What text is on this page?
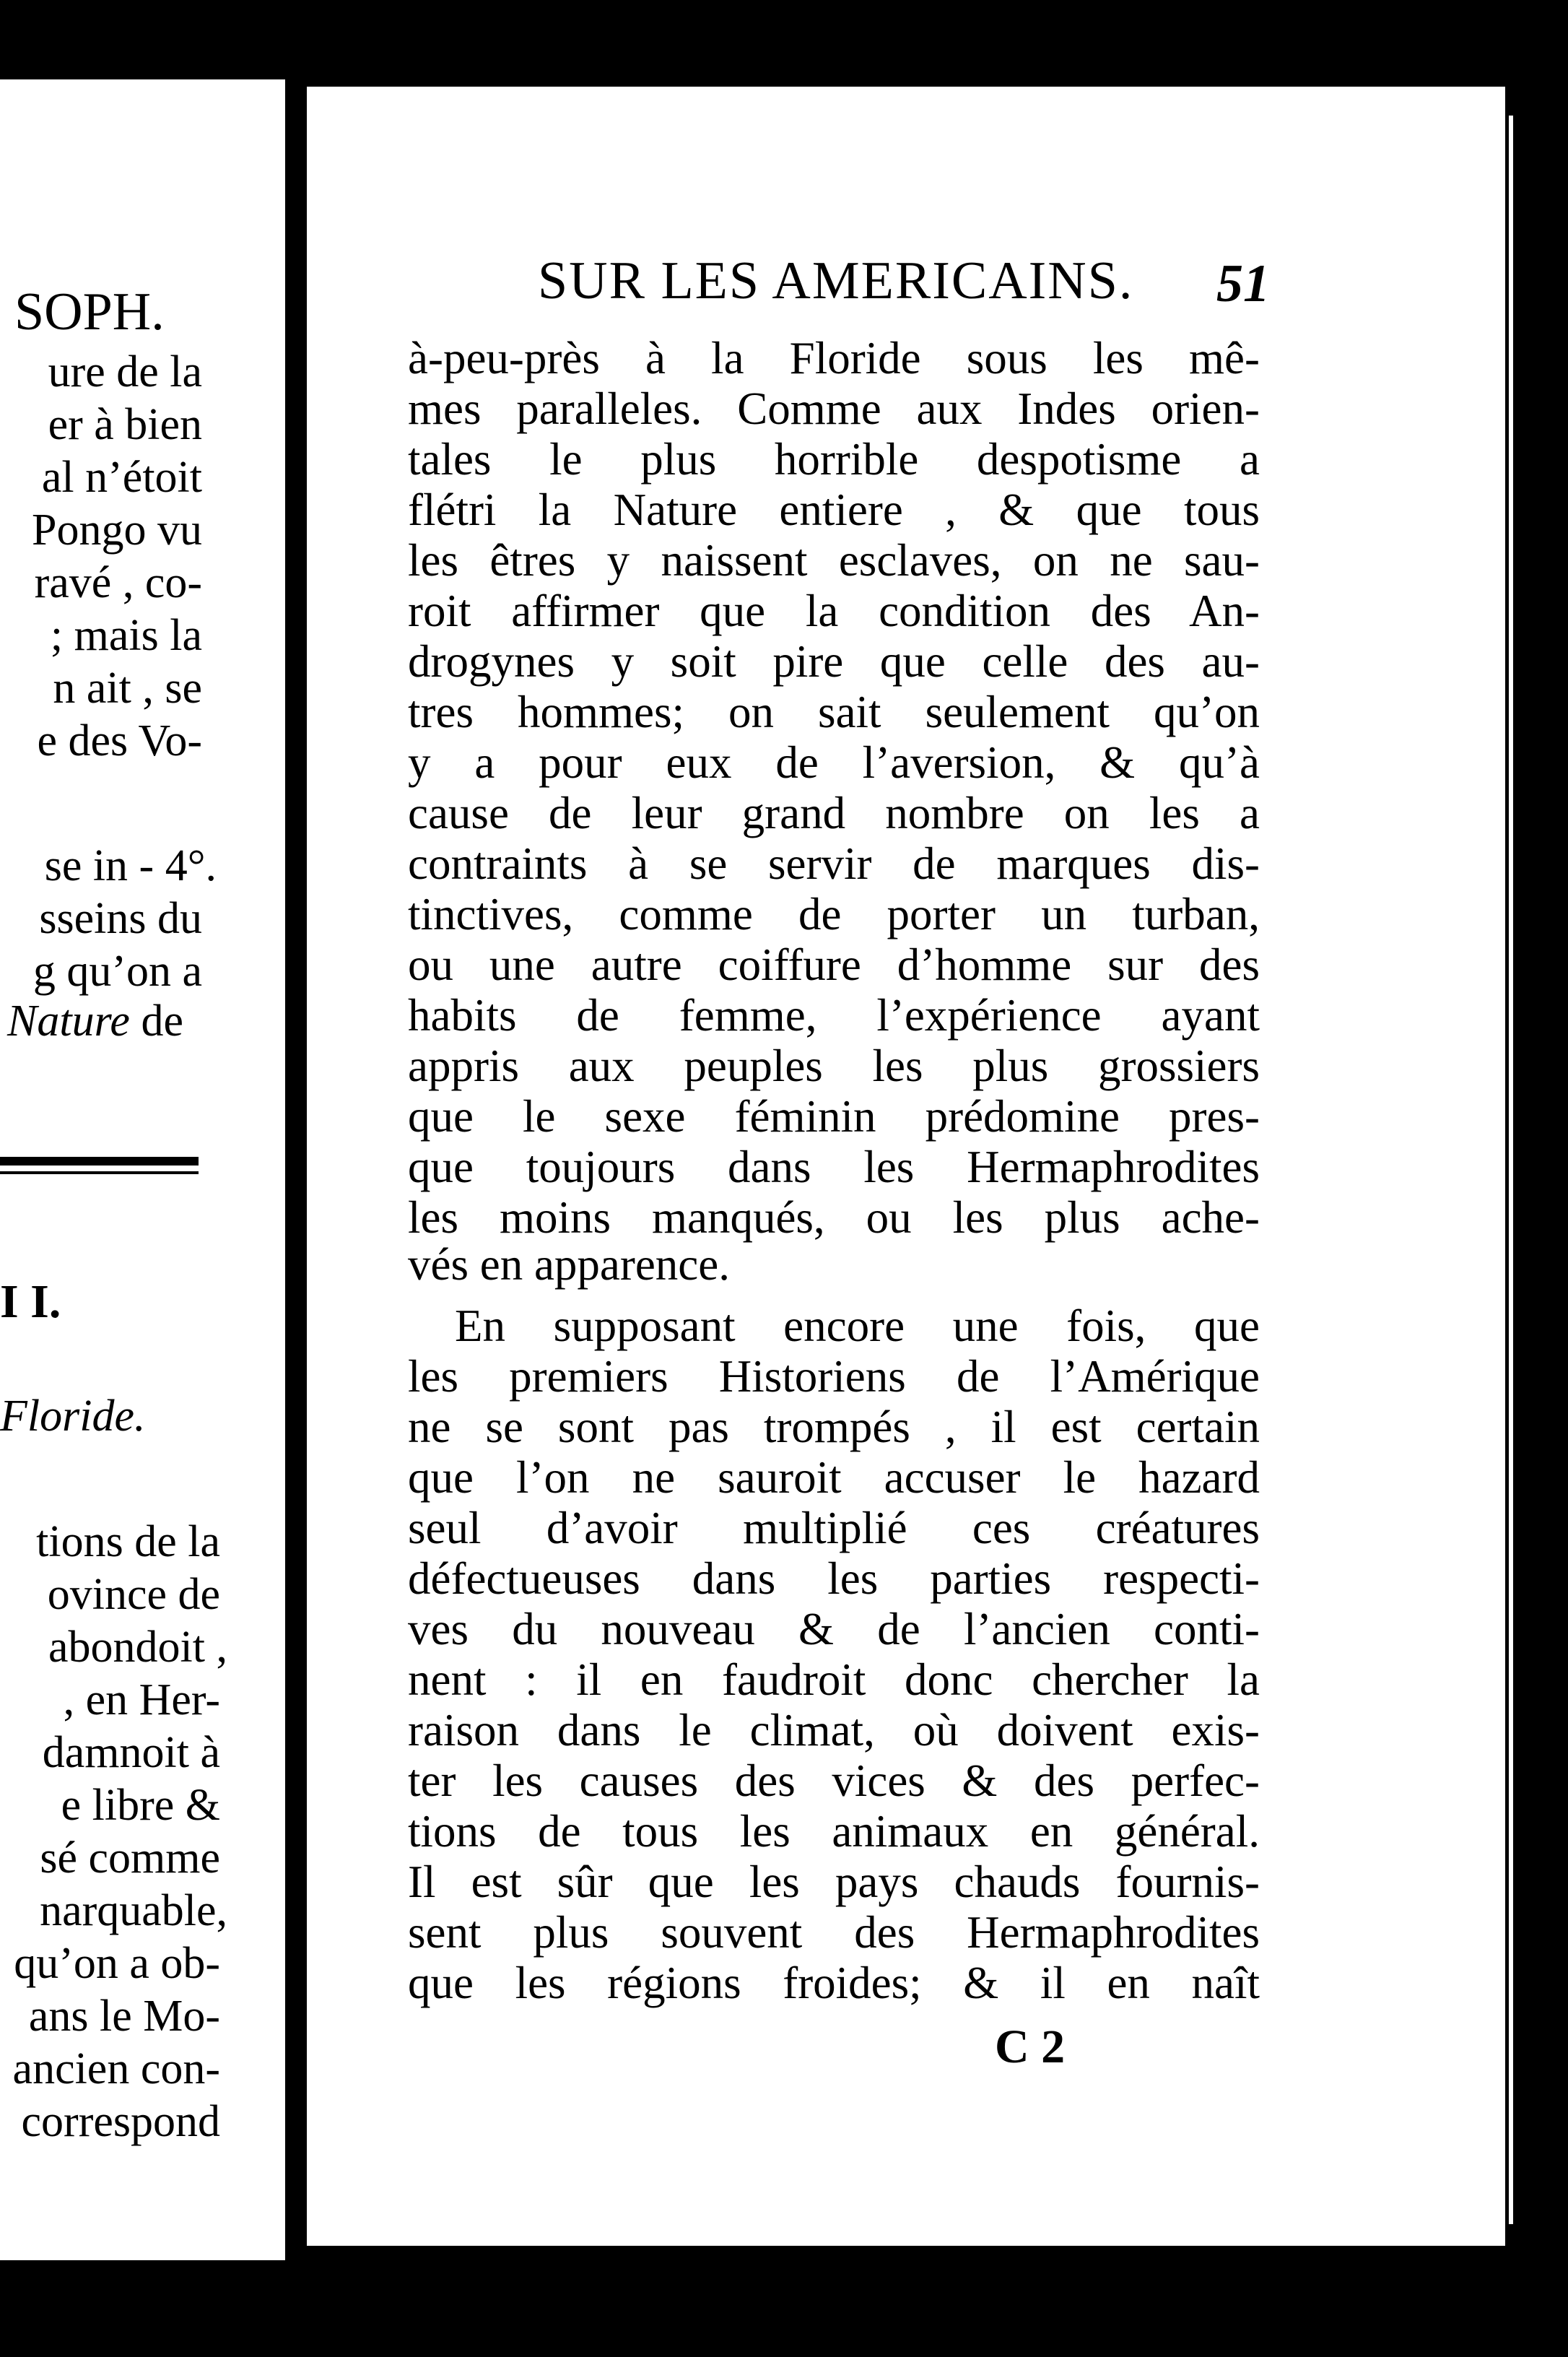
SOPH.
ure de la
er à bien
al n’étoit
Pongo vu
ravé , co-
; mais la
n ait , se
e des Vo-
se in - 4°.
sseins du
g qu’on a
Nature de
I I.
Floride.
tions de la
ovince de
abondoit ,
, en Her-
damnoit à
e libre &
sé comme
narquable,
qu’on a ob-
ans le Mo-
ancien con-
correspond
SUR LES AMERICAINS. 51
à-peu-près à la Floride sous les mê-
mes paralleles. Comme aux Indes orien-
tales le plus horrible despotisme a
flétri la Nature entiere , & que tous
les êtres y naissent esclaves, on ne sau-
roit affirmer que la condition des An-
drogynes y soit pire que celle des au-
tres hommes; on sait seulement qu’on
y a pour eux de l’aversion, & qu’à
cause de leur grand nombre on les a
contraints à se servir de marques dis-
tinctives, comme de porter un turban,
ou une autre coiffure d’homme sur des
habits de femme, l’expérience ayant
appris aux peuples les plus grossiers
que le sexe féminin prédomine pres-
que toujours dans les Hermaphrodites
les moins manqués, ou les plus ache-
vés en apparence.
En supposant encore une fois, que
les premiers Historiens de l’Amérique
ne se sont pas trompés , il est certain
que l’on ne sauroit accuser le hazard
seul d’avoir multiplié ces créatures
défectueuses dans les parties respecti-
ves du nouveau & de l’ancien conti-
nent : il en faudroit donc chercher la
raison dans le climat, où doivent exis-
ter les causes des vices & des perfec-
tions de tous les animaux en général.
Il est sûr que les pays chauds fournis-
sent plus souvent des Hermaphrodites
que les régions froides; & il en naît
C 2
